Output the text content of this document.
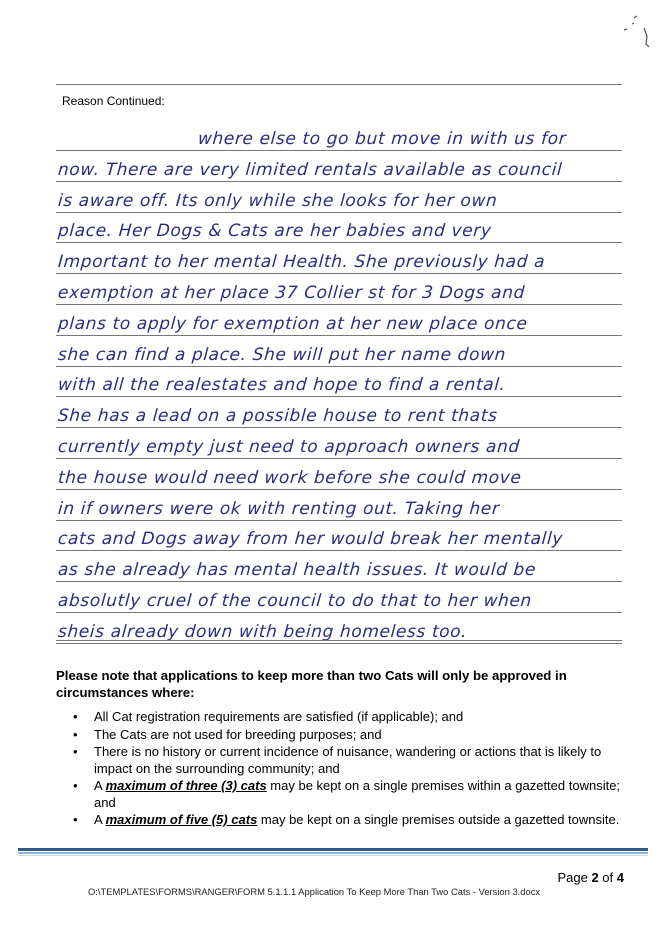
Reason Continued:
where else to go but move in with us for
now. There are very limited rentals available as council
is aware off. Its only while she looks for her own
place. Her Dogs & Cats are her babies and very
Important to her mental Health. She previously had a
exemption at her place 37 Collier st for 3 Dogs and
plans to apply for exemption at her new place once
she can find a place. She will put her name down
with all the realestates and hope to find a rental.
She has a lead on a possible house to rent thats
currently empty just need to approach owners and
the house would need work before she could move
in if owners were ok with renting out. Taking her
cats and Dogs away from her would break her mentally
as she already has mental health issues. It would be
absolutly cruel of the council to do that to her when
sheis already down with being homeless too.

Please note that applications to keep more than two Cats will only be approved in circumstances where:

• All Cat registration requirements are satisfied (if applicable); and
• The Cats are not used for breeding purposes; and
• There is no history or current incidence of nuisance, wandering or actions that is likely to impact on the surrounding community; and
• A maximum of three (3) cats may be kept on a single premises within a gazetted townsite; and
• A maximum of five (5) cats may be kept on a single premises outside a gazetted townsite.
Page 2 of 4
O:\TEMPLATES\FORMS\RANGER\FORM 5.1.1.1 Application To Keep More Than Two Cats - Version 3.docx
